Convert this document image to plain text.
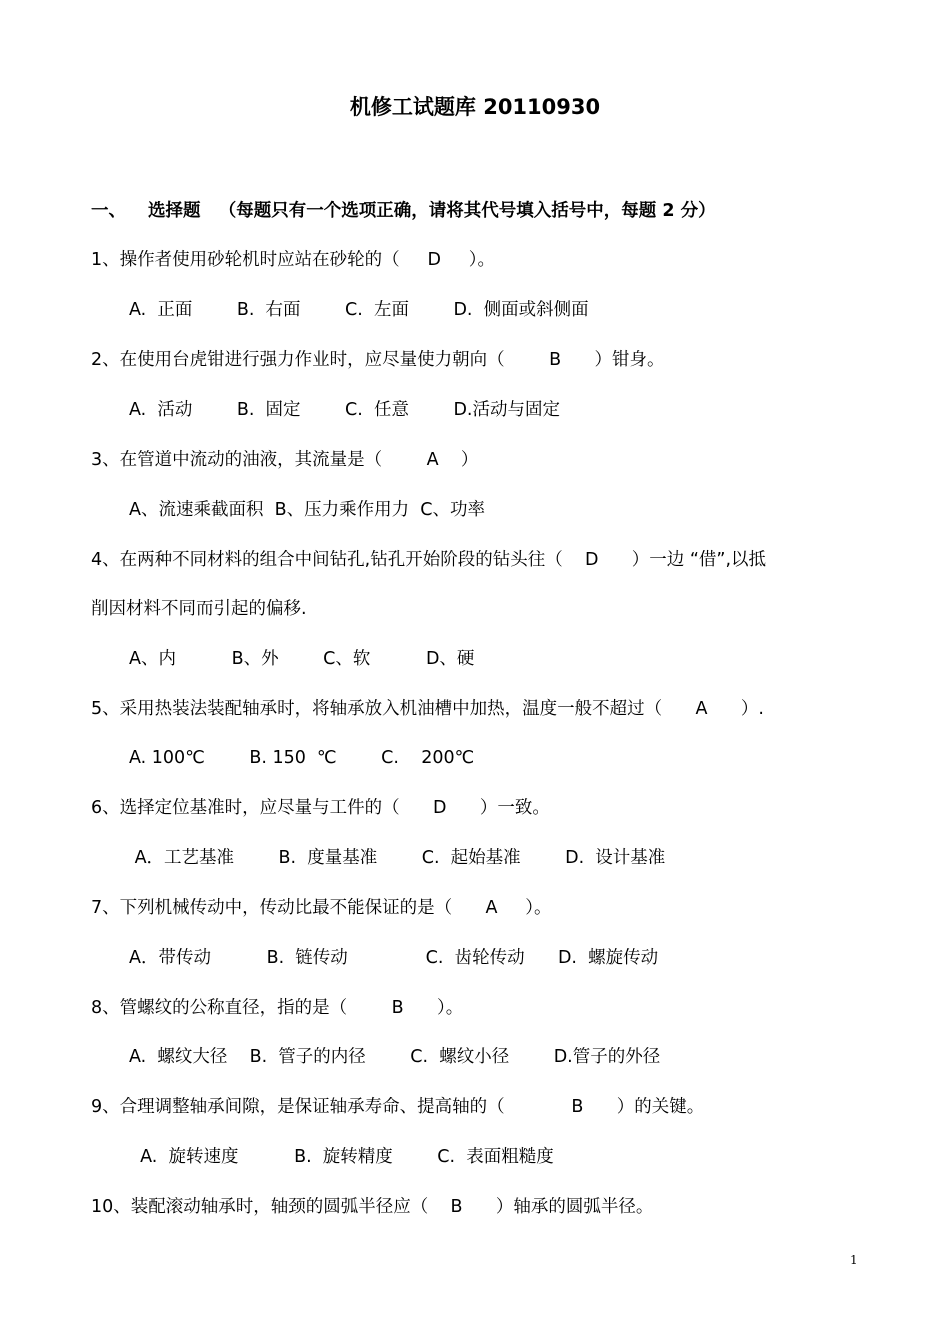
机修工试题库 20110930
一、 选择题   （每题只有一个选项正确，请将其代号填入括号中，每题 2 分）
1、操作者使用砂轮机时应站在砂轮的（     D     ）。
A.  正面        B.  右面        C.  左面        D.  侧面或斜侧面
2、在使用台虎钳进行强力作业时，应尽量使力朝向（        B      ）钳身。
A.  活动        B.  固定        C.  任意        D.活动与固定
3、在管道中流动的油液，其流量是（        A    ）
A、流速乘截面积  B、压力乘作用力  C、功率
4、在两种不同材料的组合中间钻孔,钻孔开始阶段的钻头往（    D      ）一边 “借”,以抵
削因材料不同而引起的偏移.
A、内          B、外        C、软          D、硬
5、采用热装法装配轴承时，将轴承放入机油槽中加热，温度一般不超过（      A      ）.
A. 100℃        B. 150  ℃        C.    200℃
6、选择定位基准时，应尽量与工件的（      D      ）一致。
A．工艺基准        B.  度量基准        C.  起始基准        D.  设计基准
7、下列机械传动中，传动比最不能保证的是（      A     ）。
A．带传动          B.  链传动              C.  齿轮传动      D.  螺旋传动
8、管螺纹的公称直径，指的是（        B      ）。
A.  螺纹大径    B.  管子的内径        C.  螺纹小径        D.管子的外径
9、合理调整轴承间隙，是保证轴承寿命、提高轴的（            B      ）的关键。
A.  旋转速度          B.  旋转精度        C.  表面粗糙度
10、装配滚动轴承时，轴颈的圆弧半径应（    B      ）轴承的圆弧半径。
1
